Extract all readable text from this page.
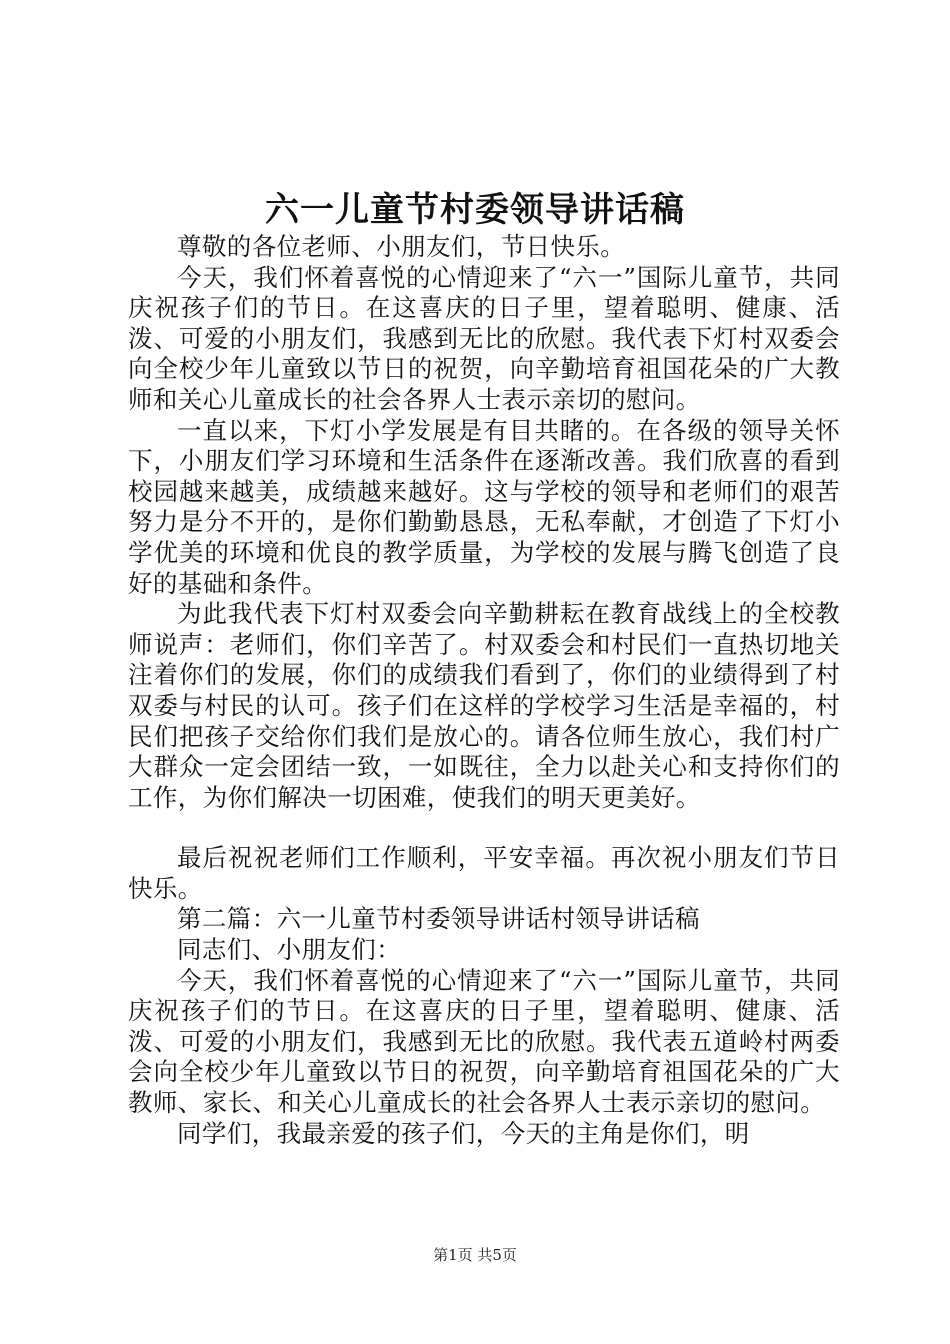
六一儿童节村委领导讲话稿

尊敬的各位老师、小朋友们，节日快乐。

今天，我们怀着喜悦的心情迎来了“六一”国际儿童节，共同庆祝孩子们的节日。在这喜庆的日子里，望着聪明、健康、活泼、可爱的小朋友们，我感到无比的欣慰。我代表下灯村双委会向全校少年儿童致以节日的祝贺，向辛勤培育祖国花朵的广大教师和关心儿童成长的社会各界人士表示亲切的慰问。

一直以来，下灯小学发展是有目共睹的。在各级的领导关怀下，小朋友们学习环境和生活条件在逐渐改善。我们欣喜的看到校园越来越美，成绩越来越好。这与学校的领导和老师们的艰苦努力是分不开的，是你们勤勤恳恳，无私奉献，才创造了下灯小学优美的环境和优良的教学质量，为学校的发展与腾飞创造了良好的基础和条件。

为此我代表下灯村双委会向辛勤耕耘在教育战线上的全校教师说声：老师们，你们辛苦了。村双委会和村民们一直热切地关注着你们的发展，你们的成绩我们看到了，你们的业绩得到了村双委与村民的认可。孩子们在这样的学校学习生活是幸福的，村民们把孩子交给你们我们是放心的。请各位师生放心，我们村广大群众一定会团结一致，一如既往，全力以赴关心和支持你们的工作，为你们解决一切困难，使我们的明天更美好。

最后祝祝老师们工作顺利，平安幸福。再次祝小朋友们节日快乐。

第二篇：六一儿童节村委领导讲话村领导讲话稿

同志们、小朋友们：

今天，我们怀着喜悦的心情迎来了“六一”国际儿童节，共同庆祝孩子们的节日。在这喜庆的日子里，望着聪明、健康、活泼、可爱的小朋友们，我感到无比的欣慰。我代表五道岭村两委会向全校少年儿童致以节日的祝贺，向辛勤培育祖国花朵的广大教师、家长、和关心儿童成长的社会各界人士表示亲切的慰问。

同学们，我最亲爱的孩子们，今天的主角是你们，明

第1页 共5页
